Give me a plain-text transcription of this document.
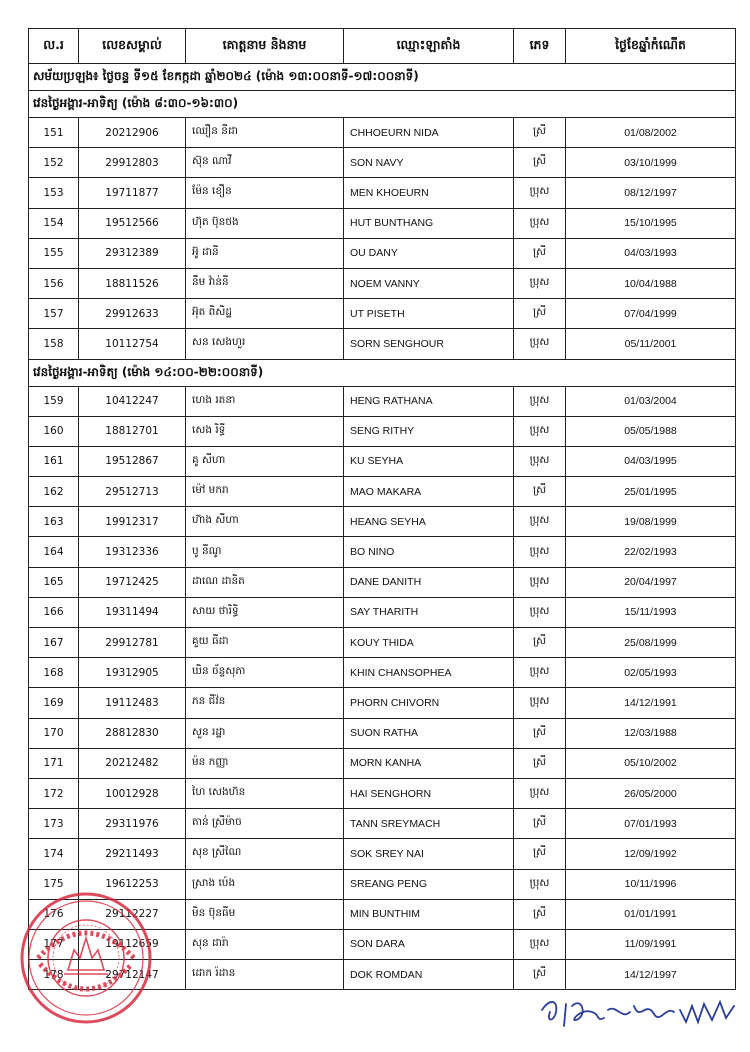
ល.រ	លេខសម្គាល់	គោត្តនាម និងនាម	ឈ្មោះឡាតាំង	ភេទ	ថ្ងៃខែឆ្នាំកំណើត
សម័យប្រឡង៖ ថ្ងៃចន្ទ ទី១៥ ខែកក្កដា ឆ្នាំ២០២៤ (ម៉ោង ១៣:០០នាទី-១៧:០០នាទី)					
វេនថ្ងៃអង្គារ-អាទិត្យ (ម៉ោង ៨:៣០-១៦:៣០)					
151	20212906	ឈឿន នីដា	CHHOEURN NIDA	ស្រី	01/08/2002
152	29912803	ស៊ុន ណាវី	SON NAVY	ស្រី	03/10/1999
153	19711877	ម៉ែន ខឿន	MEN KHOEURN	ប្រុស	08/12/1997
154	19512566	ហ៊ុត ប៊ុនថង	HUT BUNTHANG	ប្រុស	15/10/1995
155	29312389	អ៊ូ ដានី	OU DANY	ស្រី	04/03/1993
156	18811526	នឹម វ៉ាន់នី	NOEM VANNY	ប្រុស	10/04/1988
157	29912633	អ៊ុត ពិសិដ្ឋ	UT PISETH	ស្រី	07/04/1999
158	10112754	សន សេងហួរ	SORN SENGHOUR	ប្រុស	05/11/2001
វេនថ្ងៃអង្គារ-អាទិត្យ (ម៉ោង ១៤:០០-២២:០០នាទី)					
159	10412247	ហេង រតនា	HENG RATHANA	ប្រុស	01/03/2004
160	18812701	សេង រិទ្ធី	SENG RITHY	ប្រុស	05/05/1988
161	19512867	គូ សីហា	KU SEYHA	ប្រុស	04/03/1995
162	29512713	ម៉ៅ មករា	MAO MAKARA	ស្រី	25/01/1995
163	19912317	ហ៊ាង សីហា	HEANG SEYHA	ប្រុស	19/08/1999
164	19312336	បូ នីណូ	BO NINO	ប្រុស	22/02/1993
165	19712425	ដាណេ ដានិត	DANE DANITH	ប្រុស	20/04/1997
166	19311494	សាយ ថារិទ្ធិ	SAY THARITH	ប្រុស	15/11/1993
167	29912781	គួយ ធីដា	KOUY THIDA	ស្រី	25/08/1999
168	19312905	ឃិន ច័ន្ទសុភា	KHIN CHANSOPHEA	ប្រុស	02/05/1993
169	19112483	ភន ជីវ៉ន	PHORN CHIVORN	ប្រុស	14/12/1991
170	28812830	សួន រដ្ឋា	SUON RATHA	ស្រី	12/03/1988
171	20212482	ម៉ន កញ្ញា	MORN KANHA	ស្រី	05/10/2002
172	10012928	ហៃ សេងហ៊ន	HAI SENGHORN	ប្រុស	26/05/2000
173	29311976	តាន់ ស្រីម៉ាច	TANN SREYMACH	ស្រី	07/01/1993
174	29211493	សុខ ស្រីណៃ	SOK SREY NAI	ស្រី	12/09/1992
175	19612253	ស្រាង ប៉េង	SREANG PENG	ប្រុស	10/11/1996
176	29112227	មិន ប៊ុនធីម	MIN BUNTHIM	ស្រី	01/01/1991
177	19112659	សុន ដារ៉ា	SON DARA	ប្រុស	11/09/1991
178	29712147	ដោក រ៉ដាន	DOK ROMDAN	ស្រី	14/12/1997
